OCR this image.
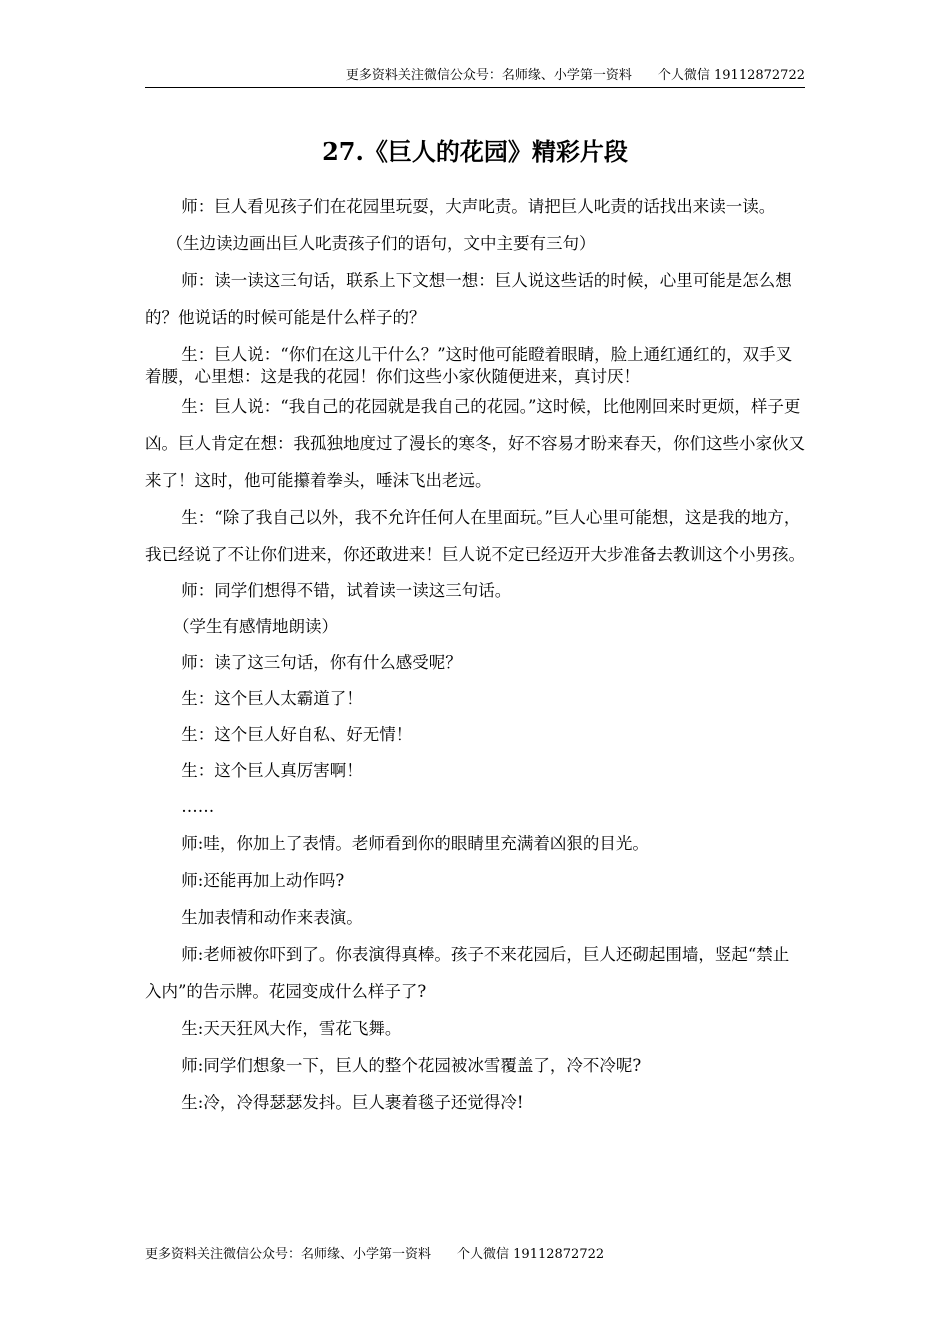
更多资料关注微信公众号：名师缘、小学第一资料 个人微信 19112872722
27.《巨人的花园》精彩片段

师：巨人看见孩子们在花园里玩耍，大声叱责。请把巨人叱责的话找出来读一读。

（生边读边画出巨人叱责孩子们的语句，文中主要有三句）

师：读一读这三句话，联系上下文想一想：巨人说这些话的时候，心里可能是怎么想的？他说话的时候可能是什么样子的？

生：巨人说：“你们在这儿干什么？”这时他可能瞪着眼睛，脸上通红通红的，双手叉着腰，心里想：这是我的花园！你们这些小家伙随便进来，真讨厌！

生：巨人说：“我自己的花园就是我自己的花园。”这时候，比他刚回来时更烦，样子更凶。巨人肯定在想：我孤独地度过了漫长的寒冬，好不容易才盼来春天，你们这些小家伙又来了！这时，他可能攥着拳头，唾沫飞出老远。

生：“除了我自己以外，我不允许任何人在里面玩。”巨人心里可能想，这是我的地方，我已经说了不让你们进来，你还敢进来！巨人说不定已经迈开大步准备去教训这个小男孩。

师：同学们想得不错，试着读一读这三句话。

（学生有感情地朗读）

师：读了这三句话，你有什么感受呢？

生：这个巨人太霸道了！

生：这个巨人好自私、好无情！

生：这个巨人真厉害啊！

……

师:哇，你加上了表情。老师看到你的眼睛里充满着凶狠的目光。

师:还能再加上动作吗?

生加表情和动作来表演。

师:老师被你吓到了。你表演得真棒。孩子不来花园后，巨人还砌起围墙，竖起“禁止入内”的告示牌。花园变成什么样子了?

生:天天狂风大作，雪花飞舞。

师:同学们想象一下，巨人的整个花园被冰雪覆盖了，冷不冷呢?

生:冷，冷得瑟瑟发抖。巨人裹着毯子还觉得冷!

更多资料关注微信公众号：名师缘、小学第一资料 个人微信 19112872722
